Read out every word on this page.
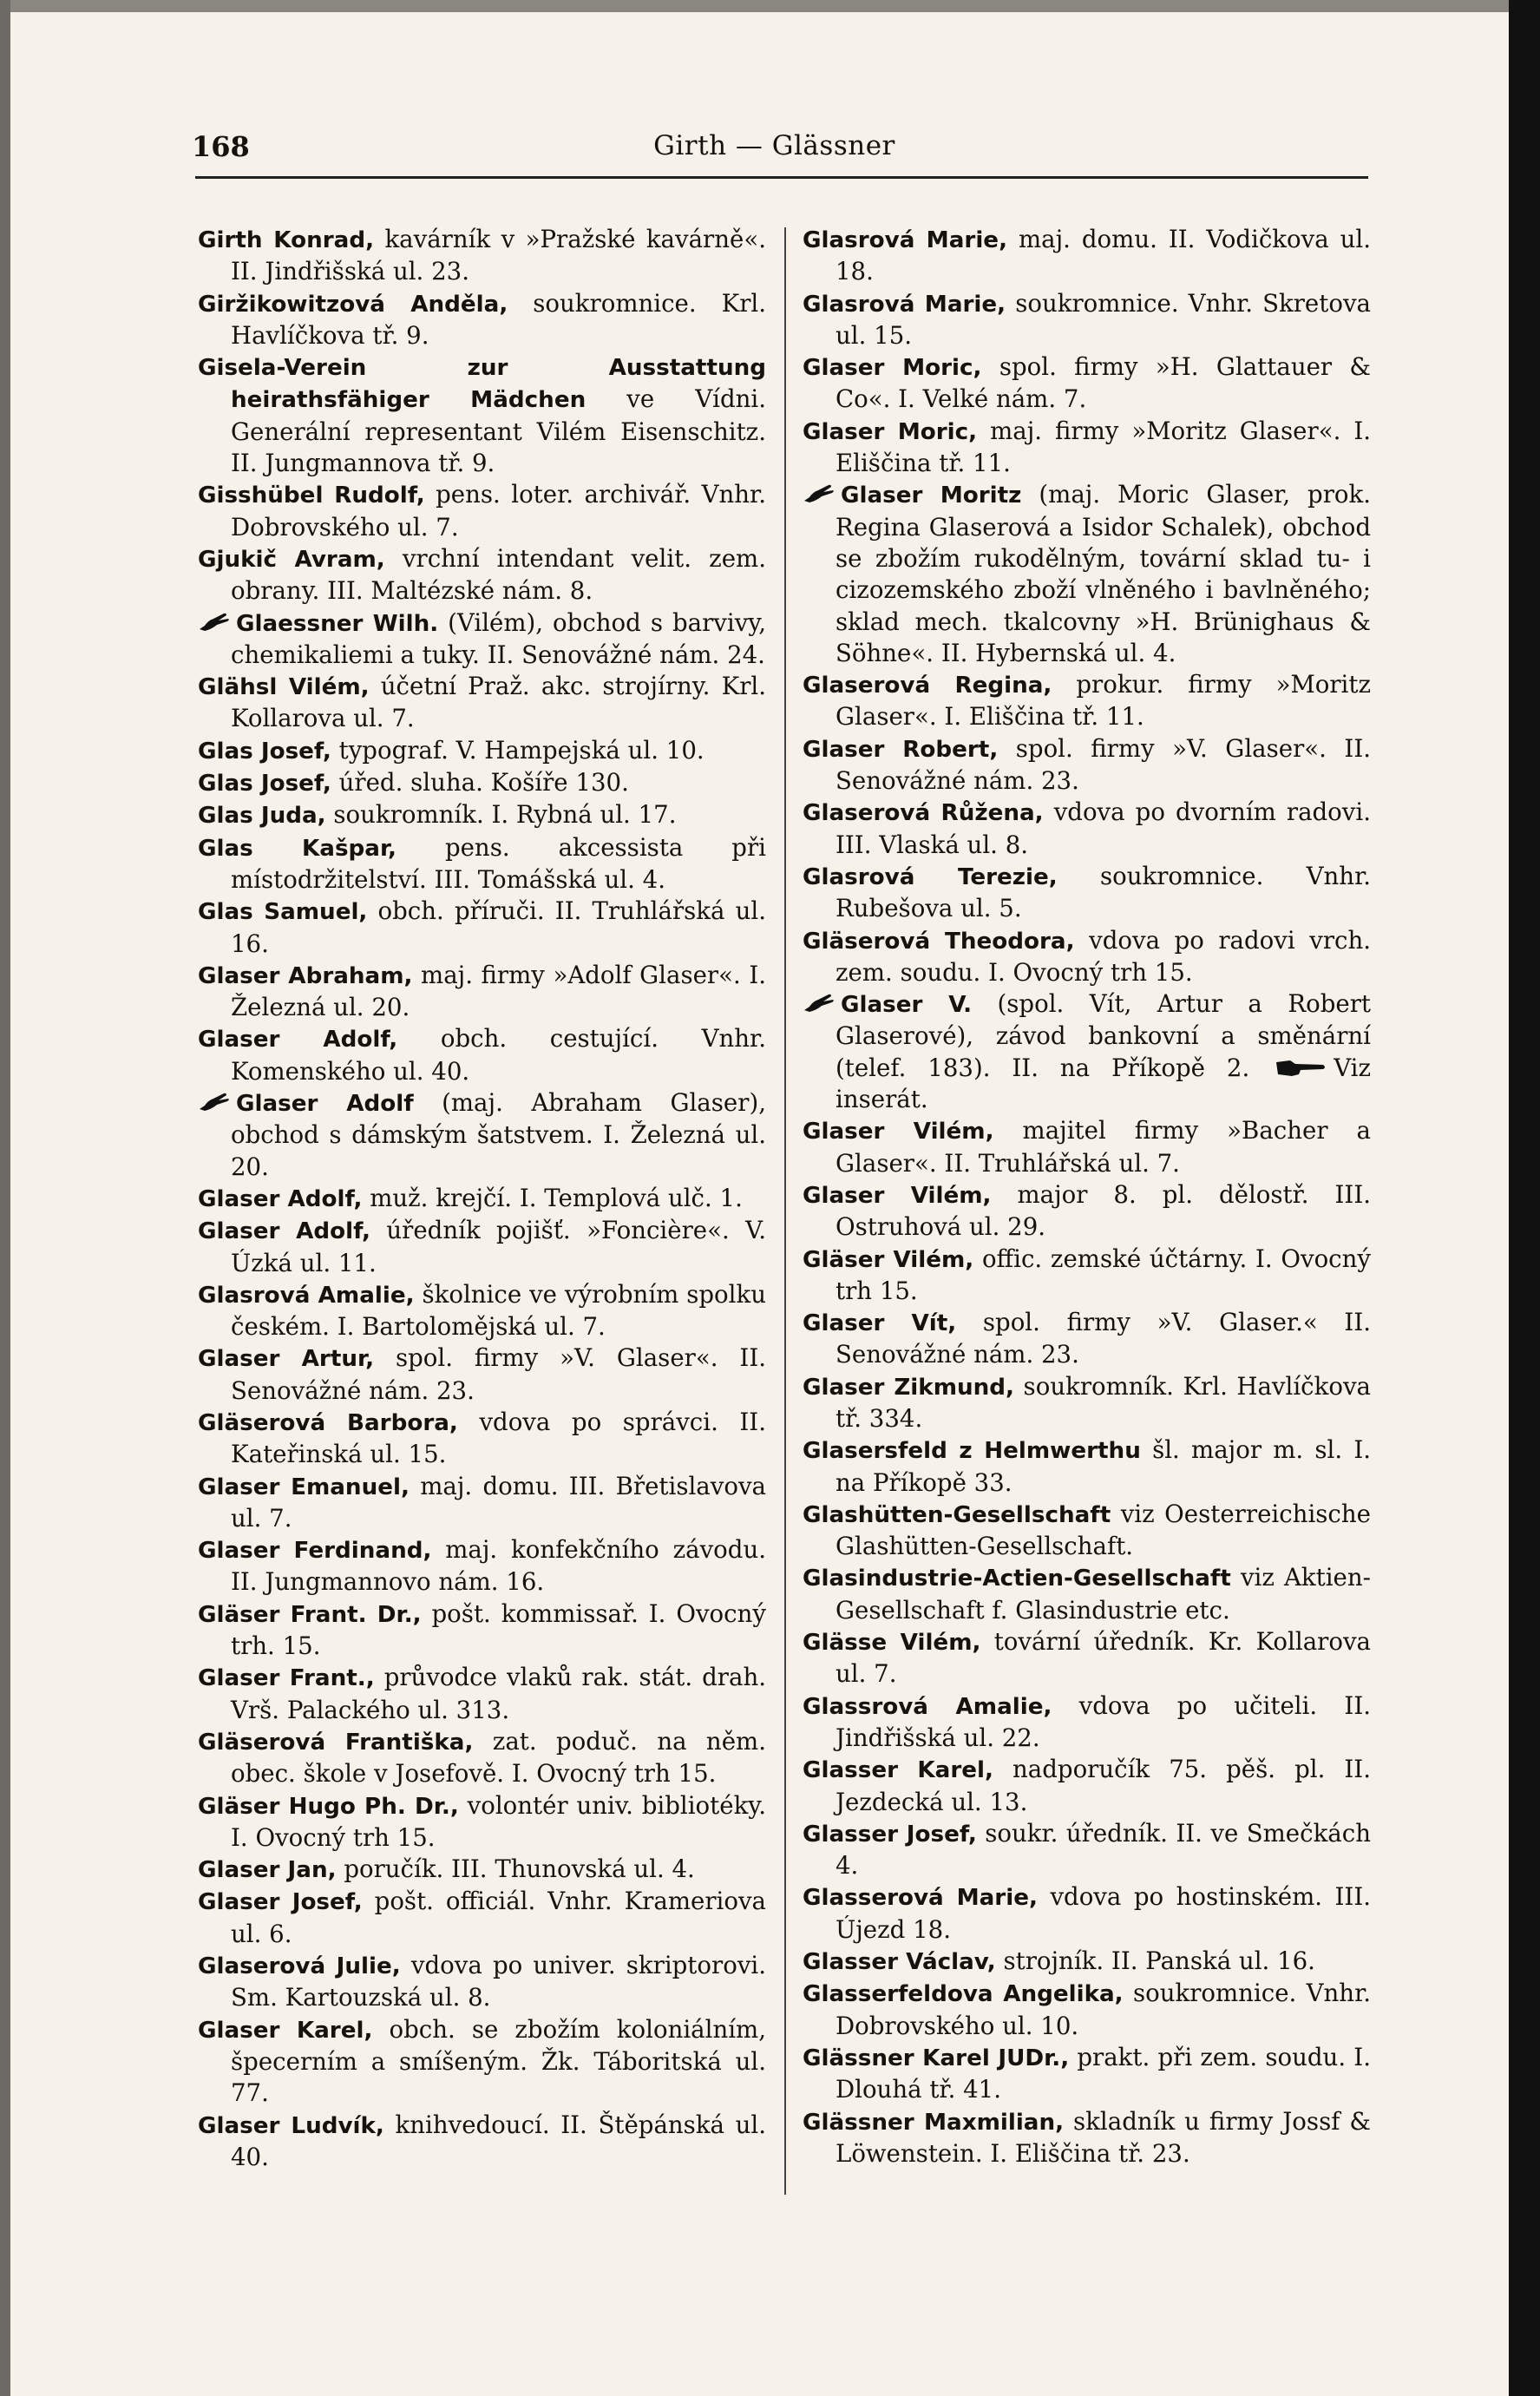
168	Girth — Glässner
Girth Konrad, kavárník v »Pražské kavárně«. II. Jindřišská ul. 23.
Giržikowitzová Anděla, soukromnice. Krl. Havlíčkova tř. 9.
Gisela-Verein zur Ausstattung heirathsfähiger Mädchen ve Vídni. Generální representant Vilém Eisenschitz. II. Jungmannova tř. 9.
Gisshübel Rudolf, pens. loter. archivář. Vnhr. Dobrovského ul. 7.
Gjukič Avram, vrchní intendant velit. zem. obrany. III. Maltézské nám. 8.
Glaessner Wilh. (Vilém), obchod s barvivy, chemikaliemi a tuky. II. Senovážné nám. 24.
Glähsl Vilém, účetní Praž. akc. strojírny. Krl. Kollarova ul. 7.
Glas Josef, typograf. V. Hampejská ul. 10.
Glas Josef, úřed. sluha. Košíře 130.
Glas Juda, soukromník. I. Rybná ul. 17.
Glas Kašpar, pens. akcessista při místodržitelství. III. Tomášská ul. 4.
Glas Samuel, obch. příruči. II. Truhlářská ul. 16.
Glaser Abraham, maj. firmy »Adolf Glaser«. I. Železná ul. 20.
Glaser Adolf, obch. cestující. Vnhr. Komenského ul. 40.
Glaser Adolf (maj. Abraham Glaser), obchod s dámským šatstvem. I. Železná ul. 20.
Glaser Adolf, muž. krejčí. I. Templová ulč. 1.
Glaser Adolf, úředník pojišť. »Foncière«. V. Úzká ul. 11.
Glasrová Amalie, školnice ve výrobním spolku českém. I. Bartolomějská ul. 7.
Glaser Artur, spol. firmy »V. Glaser«. II. Senovážné nám. 23.
Gläserová Barbora, vdova po správci. II. Kateřinská ul. 15.
Glaser Emanuel, maj. domu. III. Břetislavova ul. 7.
Glaser Ferdinand, maj. konfekčního závodu. II. Jungmannovo nám. 16.
Gläser Frant. Dr., pošt. kommissař. I. Ovocný trh. 15.
Glaser Frant., průvodce vlaků rak. stát. drah. Vrš. Palackého ul. 313.
Gläserová Františka, zat. poduč. na něm. obec. škole v Josefově. I. Ovocný trh 15.
Gläser Hugo Ph. Dr., volontér univ. bibliotéky. I. Ovocný trh 15.
Glaser Jan, poručík. III. Thunovská ul. 4.
Glaser Josef, pošt. officiál. Vnhr. Krameriova ul. 6.
Glaserová Julie, vdova po univer. skriptorovi. Sm. Kartouzská ul. 8.
Glaser Karel, obch. se zbožím koloniálním, špecerním a smíšeným. Žk. Táboritská ul. 77.
Glaser Ludvík, knihvedoucí. II. Štěpánská ul. 40.
Glasrová Marie, maj. domu. II. Vodičkova ul. 18.
Glasrová Marie, soukromnice. Vnhr. Skretova ul. 15.
Glaser Moric, spol. firmy »H. Glattauer & Co«. I. Velké nám. 7.
Glaser Moric, maj. firmy »Moritz Glaser«. I. Eliščina tř. 11.
Glaser Moritz (maj. Moric Glaser, prok. Regina Glaserová a Isidor Schalek), obchod se zbožím rukodělným, tovární sklad tu- i cizozemského zboží vlněného i bavlněného; sklad mech. tkalcovny »H. Brünighaus & Söhne«. II. Hybernská ul. 4.
Glaserová Regina, prokur. firmy »Moritz Glaser«. I. Eliščina tř. 11.
Glaser Robert, spol. firmy »V. Glaser«. II. Senovážné nám. 23.
Glaserová Růžena, vdova po dvorním radovi. III. Vlaská ul. 8.
Glasrová Terezie, soukromnice. Vnhr. Rubešova ul. 5.
Gläserová Theodora, vdova po radovi vrch. zem. soudu. I. Ovocný trh 15.
Glaser V. (spol. Vít, Artur a Robert Glaserové), závod bankovní a směnární (telef. 183). II. na Příkopě 2.	Viz inserát.
Glaser Vilém, majitel firmy »Bacher a Glaser«. II. Truhlářská ul. 7.
Glaser Vilém, major 8. pl. dělostř. III. Ostruhová ul. 29.
Gläser Vilém, offic. zemské účtárny. I. Ovocný trh 15.
Glaser Vít, spol. firmy »V. Glaser.« II. Senovážné nám. 23.
Glaser Zikmund, soukromník. Krl. Havlíčkova tř. 334.
Glasersfeld z Helmwerthu šl. major m. sl. I. na Příkopě 33.
Glashütten-Gesellschaft viz Oesterreichische Glashütten-Gesellschaft.
Glasindustrie-Actien-Gesellschaft viz Aktien-Gesellschaft f. Glasindustrie etc.
Glässe Vilém, tovární úředník. Kr. Kollarova ul. 7.
Glassrová Amalie, vdova po učiteli. II. Jindřišská ul. 22.
Glasser Karel, nadporučík 75. pěš. pl. II. Jezdecká ul. 13.
Glasser Josef, soukr. úředník. II. ve Smečkách 4.
Glasserová Marie, vdova po hostinském. III. Újezd 18.
Glasser Václav, strojník. II. Panská ul. 16.
Glasserfeldova Angelika, soukromnice. Vnhr. Dobrovského ul. 10.
Glässner Karel JUDr., prakt. při zem. soudu. I. Dlouhá tř. 41.
Glässner Maxmilian, skladník u firmy Jossf & Löwenstein. I. Eliščina tř. 23.
